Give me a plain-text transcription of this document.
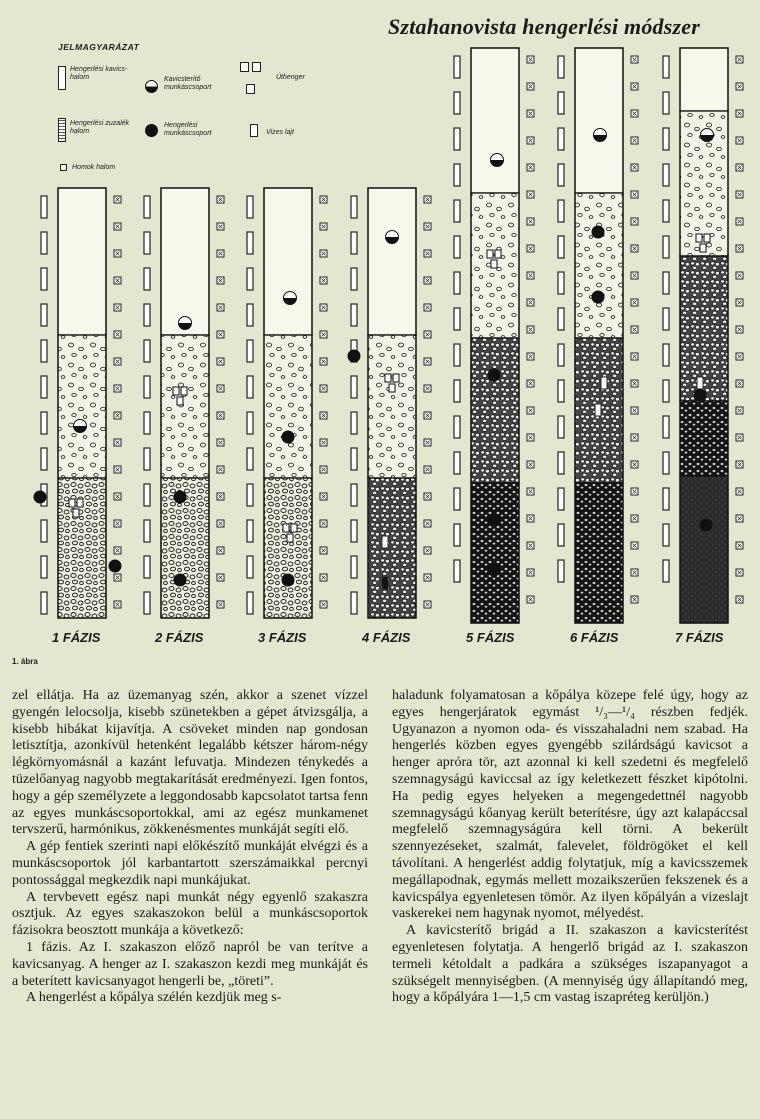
Sztahanovista hengerlési módszer
JELMAGYARÁZAT
Hengerlési kavics-halom	Kavicsterítő munkáscsoport
Úthenger
Hengerlési zuzalék halom
Hengerlési munkáscsoport	Vizes lajt
Homok halom
1 FÁZIS	2 FÁZIS	3 FÁZIS	4 FÁZIS	5 FÁZIS	6 FÁZIS	7 FÁZIS
1. ábra

zel ellátja. Ha az üzemanyag szén, akkor a szenet vízzel gyengén lelocsolja, kisebb szünetekben a gépet átvizsgálja, a kisebb hibákat kijavítja. A csöveket minden nap gondosan letisztítja, azonkívül hetenként legalább kétszer három-négy légkörnyomásnál a kazánt lefuvatja. Mindezen ténykedés a tüzelőanyag nagyobb megtakarítását eredményezi. Igen fontos, hogy a gép személyzete a leggondosabb kapcsolatot tartsa fenn az egyes munkáscsoportokkal, ami az egész munkamenet tervszerű, harmónikus, zökkenésmentes munkáját segíti elő.

A gép fentiek szerinti napi előkészítő munkáját elvégzi és a munkáscsoportok jól karbantartott szerszámaikkal percnyi pontossággal megkezdik napi munkájukat.

A tervbevett egész napi munkát négy egyenlő szakaszra osztjuk. Az egyes szakaszokon belül a munkáscsoportok fázisokra beosztott munkája a következő:

1 fázis. Az I. szakaszon előző napról be van terítve a kavicsanyag. A henger az I. szakaszon kezdi meg munkáját és a beterített kavicsanyagot hengerli be, „töreti”.

A hengerlést a kőpálya szélén kezdjük meg s-

haladunk folyamatosan a kőpálya közepe felé úgy, hogy az egyes hengerjáratok egymást ¹/₃—¹/₄ részben fedjék. Ugyanazon a nyomon oda- és visszahaladni nem szabad. Ha hengerlés közben egyes gyengébb szilárdságú kavicsot a henger apróra tör, azt azonnal ki kell szedetni és megfelelő szemnagyságú kaviccsal az így keletkezett fészket kipótolni. Ha pedig egyes helyeken a megengedettnél nagyobb szemnagyságú kőanyag került beterítésre, úgy azt kalapáccsal megfelelő szemnagyságúra kell törni. A bekerült szennyezéseket, szalmát, falevelet, földrögöket el kell távolítani. A hengerlést addig folytatjuk, míg a kavicsszemek megállapodnak, egymás mellett mozaikszerűen fekszenek és a kavicspálya egyenletesen tömör. Az ilyen kőpályán a vizeslajt vaskerekei nem hagynak nyomot, mélyedést.

A kavicsterítő brigád a II. szakaszon a kavicsterítést egyenletesen folytatja. A hengerlő brigád az I. szakaszon termeli kétoldalt a padkára a szükséges iszapanyagot a szükségelt mennyiségben. (A mennyiség úgy állapítandó meg, hogy a kőpályára 1—1,5 cm vastag iszapréteg kerüljön.)
